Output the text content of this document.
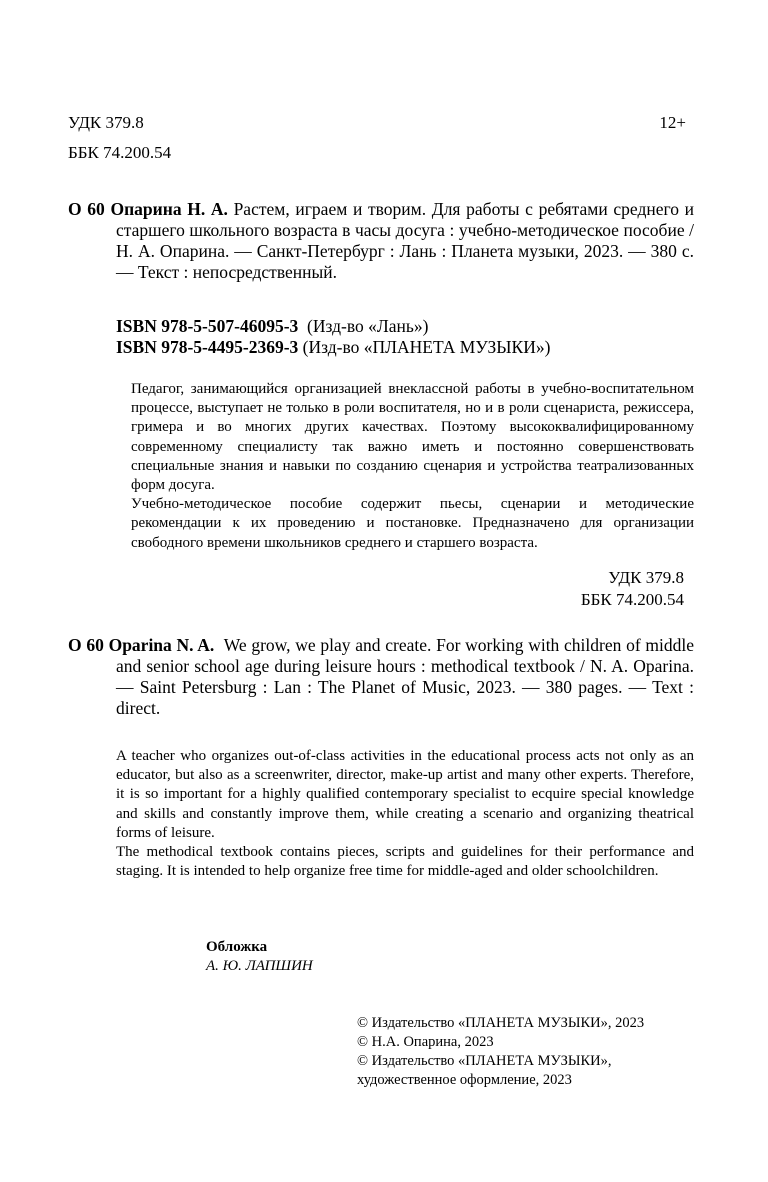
УДК 379.8
ББК 74.200.54
12+
О 60 Опарина Н. А. Растем, играем и творим. Для работы с ребятами среднего и старшего школьного возраста в часы досуга : учебно-методическое пособие / Н. А. Опарина. — Санкт-Петербург : Лань : Планета музыки, 2023. — 380 с. — Текст : непосредственный.
ISBN 978-5-507-46095-3 (Изд-во «Лань»)
ISBN 978-5-4495-2369-3 (Изд-во «ПЛАНЕТА МУЗЫКИ»)

Педагог, занимающийся организацией внеклассной работы в учебно-воспитательном процессе, выступает не только в роли воспитателя, но и в роли сценариста, режиссера, гримера и во многих других качествах. Поэтому высококвалифицированному современному специалисту так важно иметь и постоянно совершенствовать специальные знания и навыки по созданию сценария и устройства театрализованных форм досуга.

Учебно-методическое пособие содержит пьесы, сценарии и методические рекомендации к их проведению и постановке. Предназначено для организации свободного времени школьников среднего и старшего возраста.

УДК 379.8
ББК 74.200.54
O 60 Oparina N. A. We grow, we play and create. For working with children of middle and senior school age during leisure hours : methodical textbook / N. A. Oparina. — Saint Petersburg : Lan : The Planet of Music, 2023. — 380 pages. — Text : direct.

A teacher who organizes out-of-class activities in the educational process acts not only as an educator, but also as a screenwriter, director, make-up artist and many other experts. Therefore, it is so important for a highly qualified contemporary specialist to ecquire special knowledge and skills and constantly improve them, while creating a scenario and organizing theatrical forms of leisure.

The methodical textbook contains pieces, scripts and guidelines for their performance and staging. It is intended to help organize free time for middle-aged and older schoolchildren.

Обложка
А. Ю. ЛАПШИН
© Издательство «ПЛАНЕТА МУЗЫКИ», 2023
© Н.А. Опарина, 2023
© Издательство «ПЛАНЕТА МУЗЫКИ»,
художественное оформление, 2023
